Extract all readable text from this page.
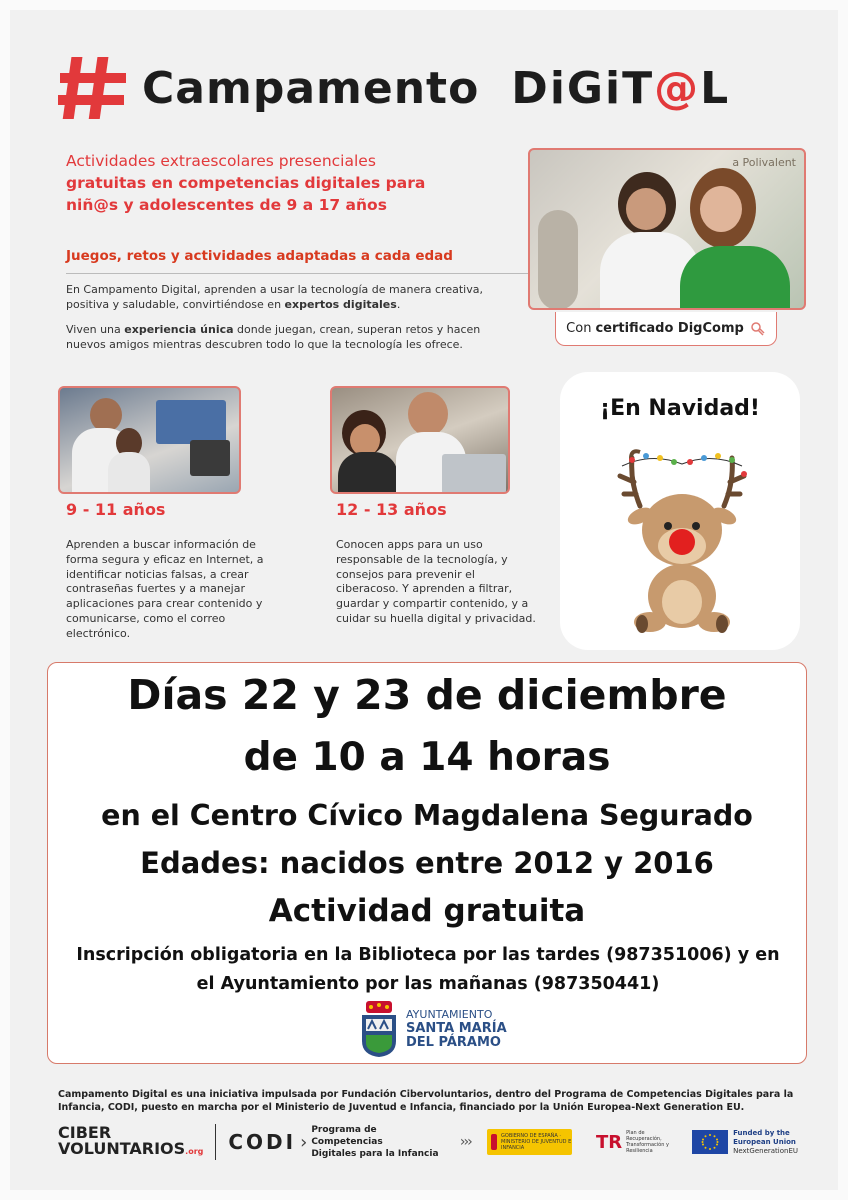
Campamento DiGiT@L
Actividades extraescolares presenciales
gratuitas en competencias digitales para
niñ@s y adolescentes de 9 a 17 años
Juegos, retos y actividades adaptadas a cada edad
En Campamento Digital, aprenden a usar la tecnología de manera creativa, positiva y saludable, convirtiéndose en expertos digitales.
Viven una experiencia única donde juegan, crean, superan retos y hacen nuevos amigos mientras descubren todo lo que la tecnología les ofrece.
a Polivalent
Con certificado DigComp
9 - 11 años	12 - 13 años
Aprenden a buscar información de forma segura y eficaz en Internet, a identificar noticias falsas, a crear contraseñas fuertes y a manejar aplicaciones para crear contenido y comunicarse, como el correo electrónico.
Conocen apps para un uso responsable de la tecnología, y consejos para prevenir el ciberacoso. Y aprenden a filtrar, guardar y compartir contenido, y a cuidar su huella digital y privacidad.
¡En Navidad!
Días 22 y 23 de diciembre
de 10 a 14 horas
en el Centro Cívico Magdalena Segurado
Edades: nacidos entre 2012 y 2016
Actividad gratuita
Inscripción obligatoria en la Biblioteca por las tardes (987351006) y en
el Ayuntamiento por las mañanas (987350441)
AYUNTAMIENTO
SANTA MARÍA
DEL PÁRAMO
Campamento Digital es una iniciativa impulsada por Fundación Cibervoluntarios, dentro del Programa de Competencias Digitales para la Infancia, CODI, puesto en marcha por el Ministerio de Juventud e Infancia, financiado por la Unión Europea-Next Generation EU.
CIBER
VOLUNTARIOS.org CODI ›
Programa de Competencias
Digitales para la Infancia
›››	GOBIERNO DE ESPAÑA · MINISTERIO DE JUVENTUD E INFANCIA	TR Plan de Recuperación, Transformación y Resiliencia
Funded by the
European Union
NextGenerationEU
